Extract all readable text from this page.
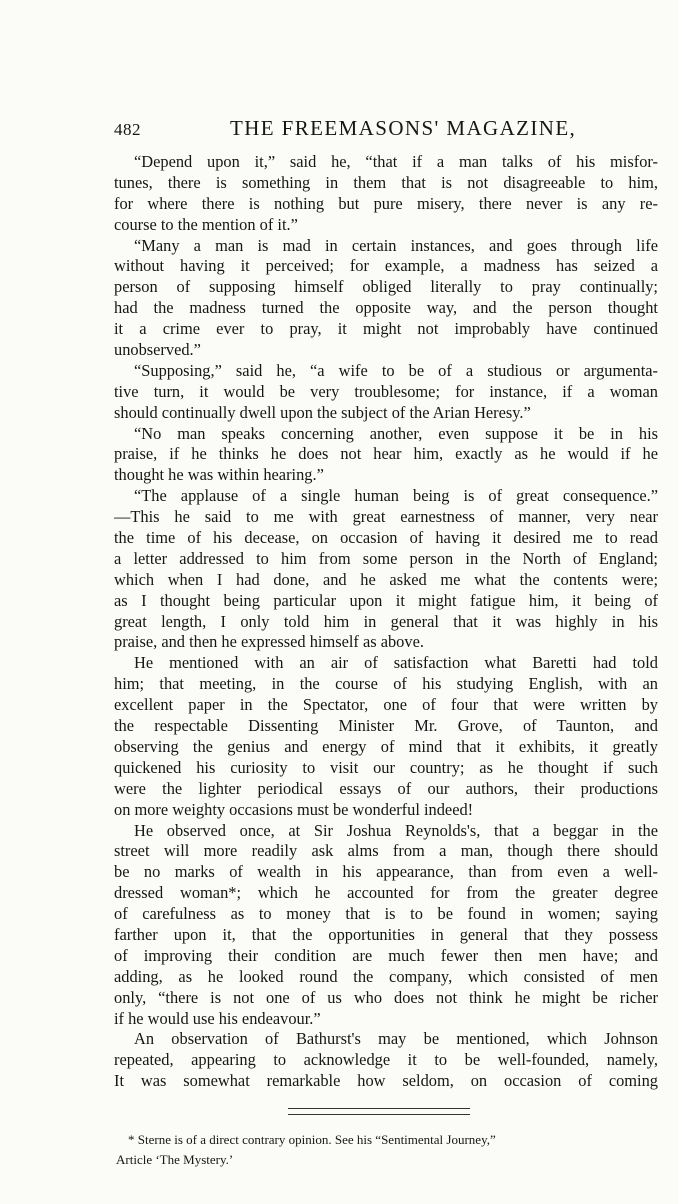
482	THE FREEMASONS' MAGAZINE,
“Depend upon it,” said he, “that if a man talks of his misfor-
tunes, there is something in them that is not disagreeable to him,
for where there is nothing but pure misery, there never is any re-
course to the mention of it.”
“Many a man is mad in certain instances, and goes through life
without having it perceived; for example, a madness has seized a
person of supposing himself obliged literally to pray continually;
had the madness turned the opposite way, and the person thought
it a crime ever to pray, it might not improbably have continued
unobserved.”
“Supposing,” said he, “a wife to be of a studious or argumenta-
tive turn, it would be very troublesome; for instance, if a woman
should continually dwell upon the subject of the Arian Heresy.”
“No man speaks concerning another, even suppose it be in his
praise, if he thinks he does not hear him, exactly as he would if he
thought he was within hearing.”
“The applause of a single human being is of great consequence.”
—This he said to me with great earnestness of manner, very near
the time of his decease, on occasion of having it desired me to read
a letter addressed to him from some person in the North of England;
which when I had done, and he asked me what the contents were;
as I thought being particular upon it might fatigue him, it being of
great length, I only told him in general that it was highly in his
praise, and then he expressed himself as above.
He mentioned with an air of satisfaction what Baretti had told
him; that meeting, in the course of his studying English, with an
excellent paper in the Spectator, one of four that were written by
the respectable Dissenting Minister Mr. Grove, of Taunton, and
observing the genius and energy of mind that it exhibits, it greatly
quickened his curiosity to visit our country; as he thought if such
were the lighter periodical essays of our authors, their productions
on more weighty occasions must be wonderful indeed!
He observed once, at Sir Joshua Reynolds's, that a beggar in the
street will more readily ask alms from a man, though there should
be no marks of wealth in his appearance, than from even a well-
dressed woman*; which he accounted for from the greater degree
of carefulness as to money that is to be found in women; saying
farther upon it, that the opportunities in general that they possess
of improving their condition are much fewer then men have; and
adding, as he looked round the company, which consisted of men
only, “there is not one of us who does not think he might be richer
if he would use his endeavour.”
An observation of Bathurst's may be mentioned, which Johnson
repeated, appearing to acknowledge it to be well-founded, namely,
It was somewhat remarkable how seldom, on occasion of coming
* Sterne is of a direct contrary opinion. See his “Sentimental Journey,”
Article ‘The Mystery.’
